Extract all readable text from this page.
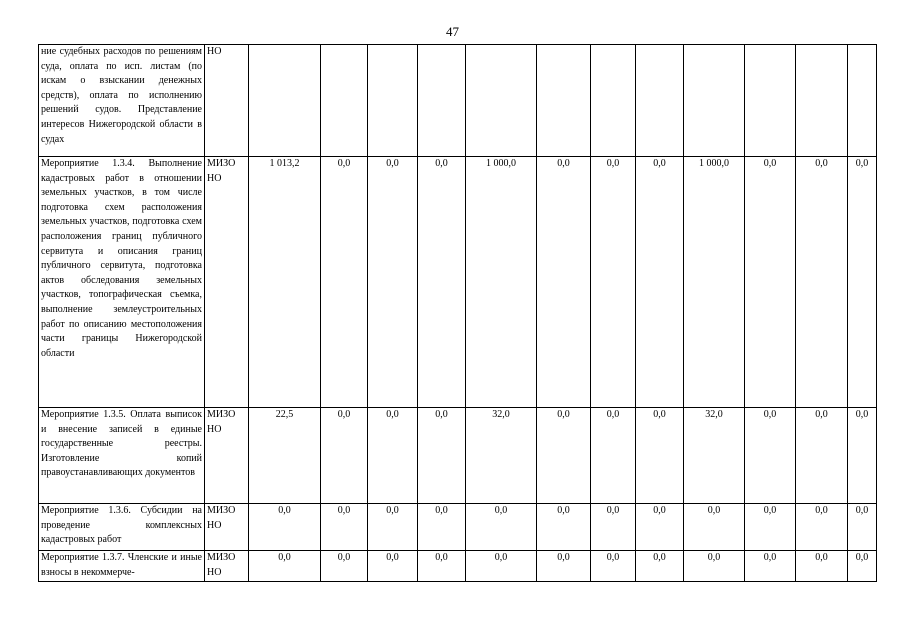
47
ние судебных расходов по решениям суда, оплата по исп. листам (по искам о взыскании денежных средств), оплата по исполнению решений судов. Представление интересов Нижегородской области в судах	НО												
Мероприятие 1.3.4. Выполнение кадастровых работ в отношении земельных участков, в том числе подготовка схем расположения земельных участков, подготовка схем расположения границ публичного сервитута и описания границ публичного сервитута, подготовка актов обследования земельных участков, топографическая съемка, выполнение землеустроительных работ по описанию местоположения части границы Нижегородской области	МИЗО НО	1 013,2	0,0	0,0	0,0	1 000,0	0,0	0,0	0,0	1 000,0	0,0	0,0	0,0
Мероприятие 1.3.5. Оплата выписок и внесение записей в единые государственные реестры. Изготовление копий правоустанавливающих документов	МИЗО НО	22,5	0,0	0,0	0,0	32,0	0,0	0,0	0,0	32,0	0,0	0,0	0,0
Мероприятие 1.3.6. Субсидии на проведение комплексных кадастровых работ	МИЗО НО	0,0	0,0	0,0	0,0	0,0	0,0	0,0	0,0	0,0	0,0	0,0	0,0
Мероприятие 1.3.7. Членские и иные взносы в некоммерче-	МИЗО НО	0,0	0,0	0,0	0,0	0,0	0,0	0,0	0,0	0,0	0,0	0,0	0,0
